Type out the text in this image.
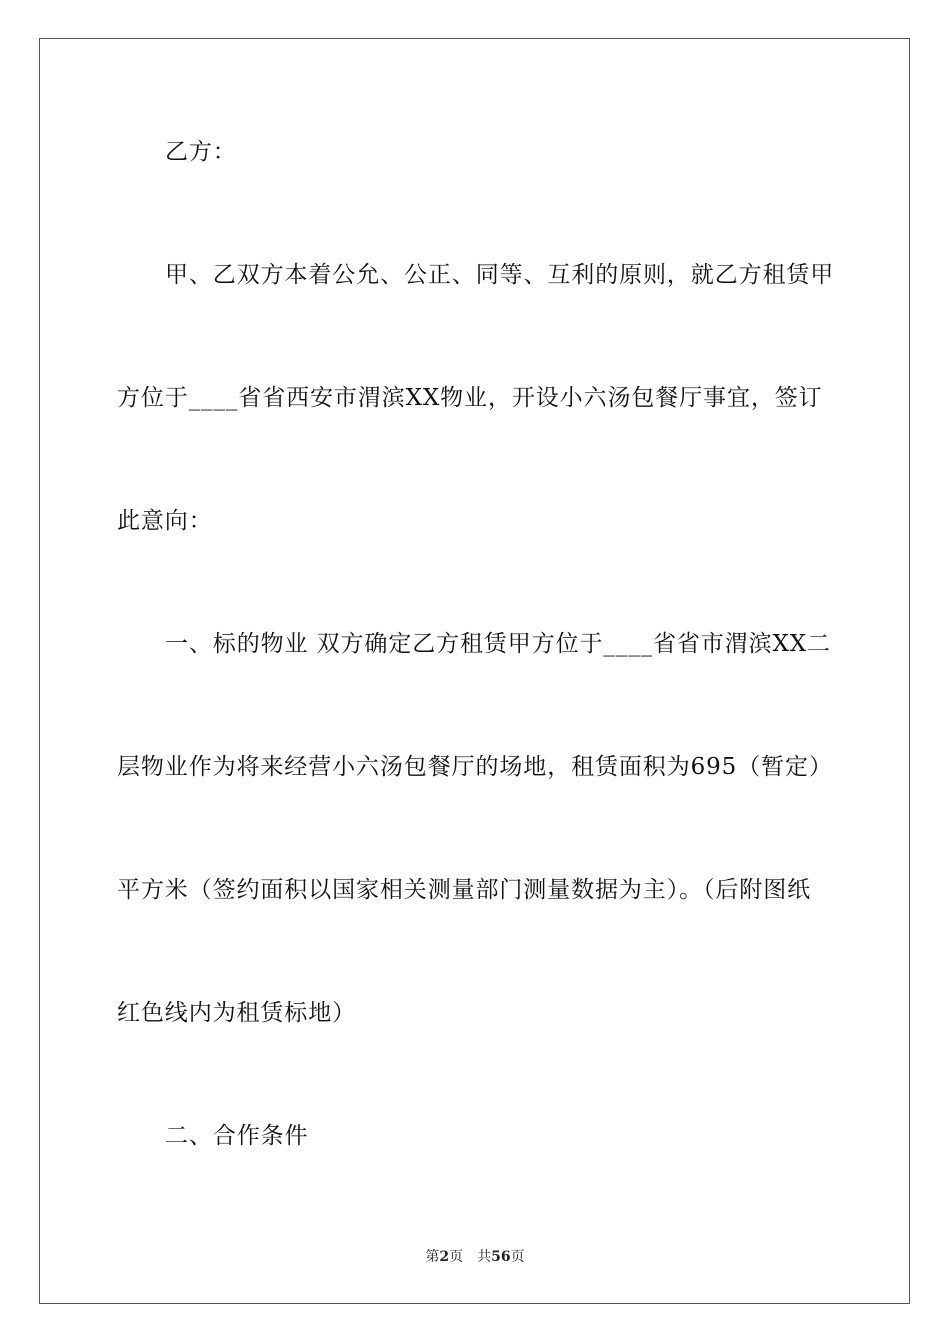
乙方：
甲、乙双方本着公允、公正、同等、互利的原则，就乙方租赁甲
方位于____省省西安市渭滨XX物业，开设小六汤包餐厅事宜，签订
此意向：
一、标的物业 双方确定乙方租赁甲方位于____省省市渭滨XX二
层物业作为将来经营小六汤包餐厅的场地，租赁面积为695（暂定）
平方米（签约面积以国家相关测量部门测量数据为主）。（后附图纸
红色线内为租赁标地）
二、合作条件
第2页 共56页
